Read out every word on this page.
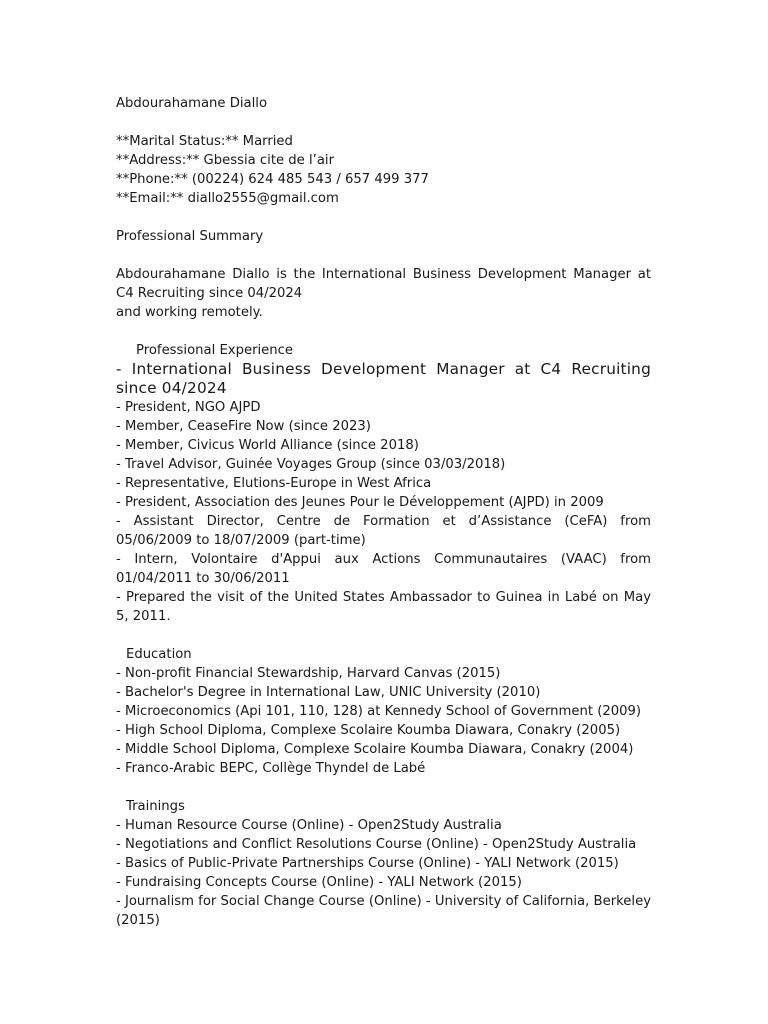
Abdourahamane Diallo
**Marital Status:** Married
**Address:** Gbessia cite de l’air
**Phone:** (00224) 624 485 543 / 657 499 377
**Email:** diallo2555@gmail.com
Professional Summary
Abdourahamane Diallo is the International Business Development Manager at C4 Recruiting since 04/2024
and working remotely.
Professional Experience
- International Business Development Manager at C4 Recruiting since 04/2024
- President, NGO AJPD
- Member, CeaseFire Now (since 2023)
- Member, Civicus World Alliance (since 2018)
- Travel Advisor, Guinée Voyages Group (since 03/03/2018)
- Representative, Elutions-Europe in West Africa
- President, Association des Jeunes Pour le Développement (AJPD) in 2009
- Assistant Director, Centre de Formation et d’Assistance (CeFA) from 05/06/2009 to 18/07/2009 (part-time)
- Intern, Volontaire d'Appui aux Actions Communautaires (VAAC) from 01/04/2011 to 30/06/2011
- Prepared the visit of the United States Ambassador to Guinea in Labé on May 5, 2011.
Education
- Non-profit Financial Stewardship, Harvard Canvas (2015)
- Bachelor's Degree in International Law, UNIC University (2010)
- Microeconomics (Api 101, 110, 128) at Kennedy School of Government (2009)
- High School Diploma, Complexe Scolaire Koumba Diawara, Conakry (2005)
- Middle School Diploma, Complexe Scolaire Koumba Diawara, Conakry (2004)
- Franco-Arabic BEPC, Collège Thyndel de Labé
Trainings
- Human Resource Course (Online) - Open2Study Australia
- Negotiations and Conflict Resolutions Course (Online) - Open2Study Australia
- Basics of Public-Private Partnerships Course (Online) - YALI Network (2015)
- Fundraising Concepts Course (Online) - YALI Network (2015)
- Journalism for Social Change Course (Online) - University of California, Berkeley (2015)
